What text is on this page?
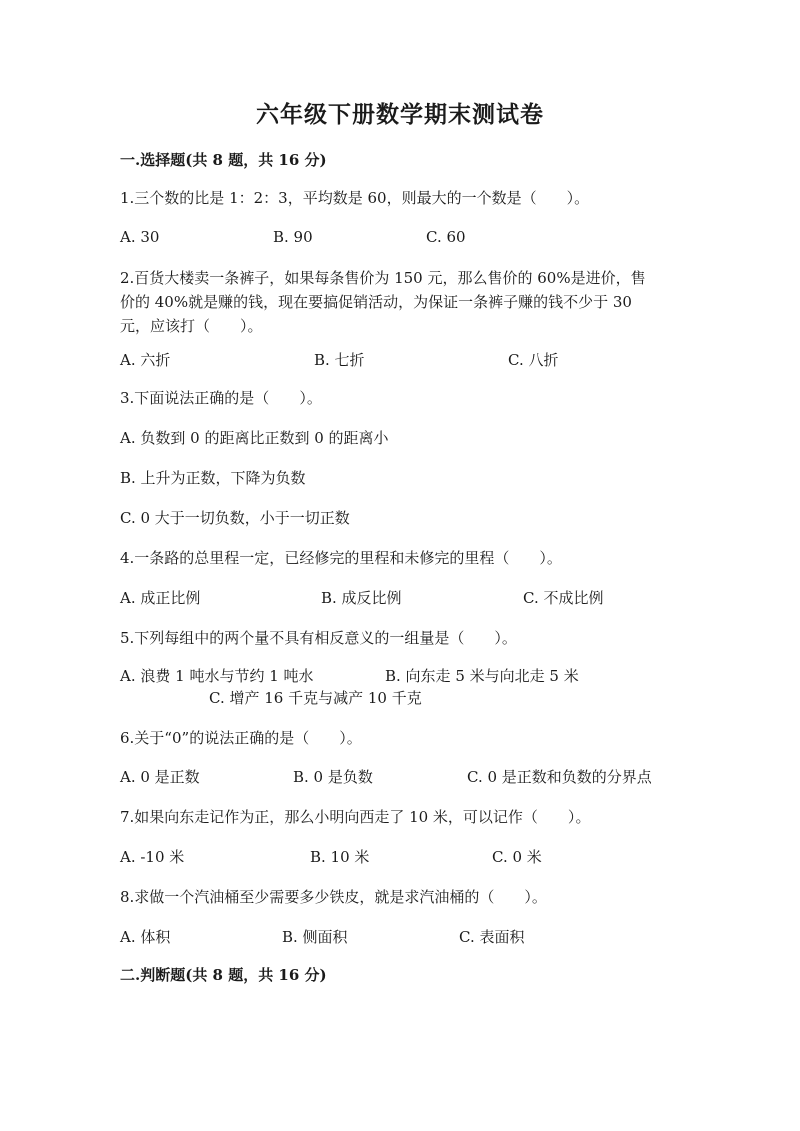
六年级下册数学期末测试卷
一.选择题(共 8 题，共 16 分)
1.三个数的比是 1：2：3，平均数是 60，则最大的一个数是（　　）。
A. 30	B. 90	C. 60
2.百货大楼卖一条裤子，如果每条售价为 150 元，那么售价的 60%是进价，售
价的 40%就是赚的钱，现在要搞促销活动，为保证一条裤子赚的钱不少于 30
元，应该打（　　）。
A. 六折	B. 七折	C. 八折
3.下面说法正确的是（　　）。
A. 负数到 0 的距离比正数到 0 的距离小
B. 上升为正数，下降为负数
C. 0 大于一切负数，小于一切正数
4.一条路的总里程一定，已经修完的里程和未修完的里程（　　）。
A. 成正比例	B. 成反比例	C. 不成比例
5.下列每组中的两个量不具有相反意义的一组量是（　　）。
A. 浪费 1 吨水与节约 1 吨水	B. 向东走 5 米与向北走 5 米
C. 增产 16 千克与减产 10 千克
6.关于“0”的说法正确的是（　　）。
A. 0 是正数	B. 0 是负数	C. 0 是正数和负数的分界点
7.如果向东走记作为正，那么小明向西走了 10 米，可以记作（　　）。
A. -10 米	B. 10 米	C. 0 米
8.求做一个汽油桶至少需要多少铁皮，就是求汽油桶的（　　）。
A. 体积	B. 侧面积	C. 表面积
二.判断题(共 8 题，共 16 分)
